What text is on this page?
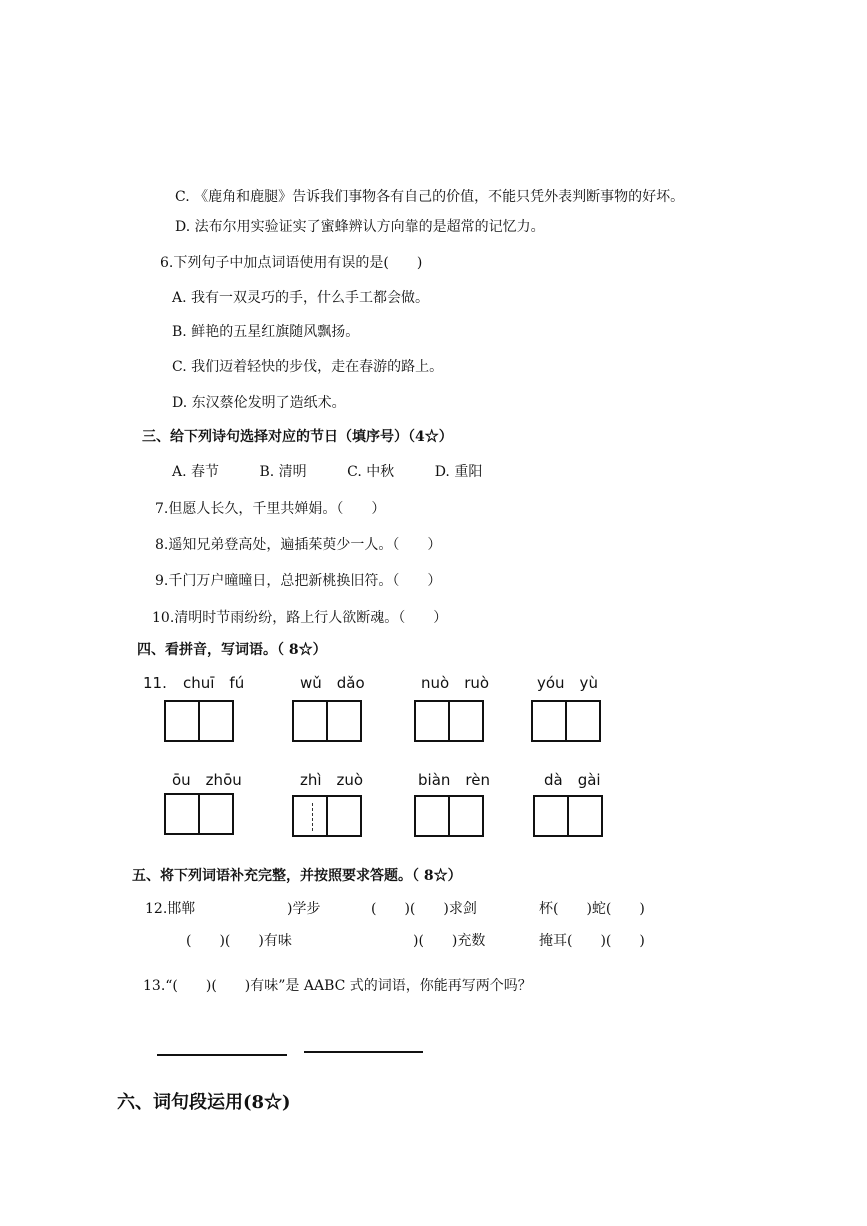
C. 《鹿角和鹿腿》告诉我们事物各有自己的价值，不能只凭外表判断事物的好坏。
D. 法布尔用实验证实了蜜蜂辨认方向靠的是超常的记忆力。
6.下列句子中加点词语使用有误的是(　　)
A. 我有一双灵巧的手，什么手工都会做。
B. 鲜艳的五星红旗随风飘扬。
C. 我们迈着轻快的步伐，走在春游的路上。
D. 东汉蔡伦发明了造纸术。
三、给下列诗句选择对应的节日（填序号）（4☆）
A. 春节	B. 清明	C. 中秋	D. 重阳
7.但愿人长久，千里共婵娟。（　　）
8.遥知兄弟登高处，遍插茱萸少一人。（　　）
9.千门万户曈曈日，总把新桃换旧符。（　　）
10.清明时节雨纷纷，路上行人欲断魂。（　　）
四、看拼音，写词语。（ 8☆）
11. chuī　fú	wǔ　dǎo	nuò　ruò	yóu　yù
ōu　zhōu	zhì　zuò	biàn　rèn	dà　gài
五、将下列词语补充完整，并按照要求答题。（ 8☆）
12.邯郸	)学步	(　　)(　　)求剑	杯(　　)蛇(　　)
(　　)(　　)有味	)(　　)充数	掩耳(　　)(　　)
13.“(　　)(　　)有味”是 AABC 式的词语，你能再写两个吗？
六、词句段运用(8☆)
